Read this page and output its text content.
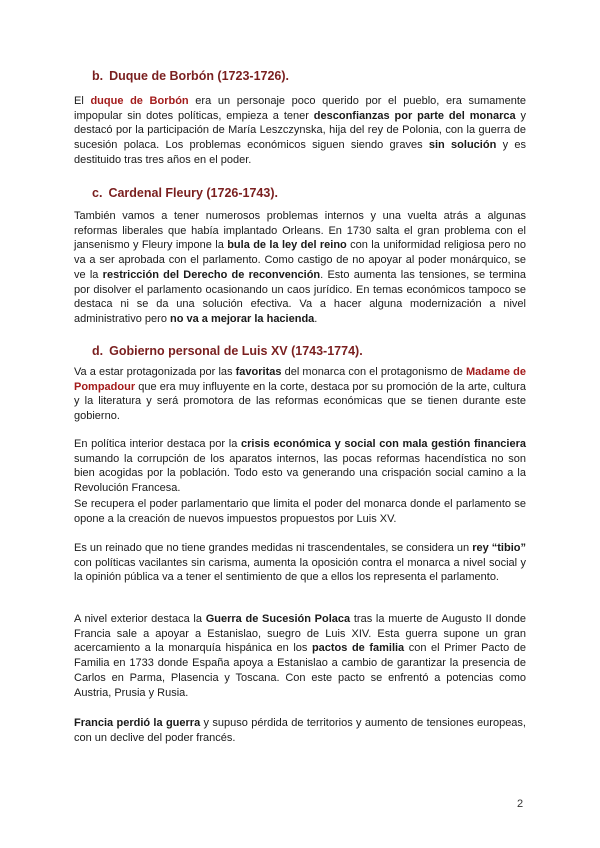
b. Duque de Borbón (1723-1726).
El duque de Borbón era un personaje poco querido por el pueblo, era sumamente impopular sin dotes políticas, empieza a tener desconfianzas por parte del monarca y destacó por la participación de María Leszczynska, hija del rey de Polonia, con la guerra de sucesión polaca. Los problemas económicos siguen siendo graves sin solución y es destituido tras tres años en el poder.
c. Cardenal Fleury (1726-1743).
También vamos a tener numerosos problemas internos y una vuelta atrás a algunas reformas liberales que había implantado Orleans. En 1730 salta el gran problema con el jansenismo y Fleury impone la bula de la ley del reino con la uniformidad religiosa pero no va a ser aprobada con el parlamento. Como castigo de no apoyar al poder monárquico, se ve la restricción del Derecho de reconvención. Esto aumenta las tensiones, se termina por disolver el parlamento ocasionando un caos jurídico. En temas económicos tampoco se destaca ni se da una solución efectiva. Va a hacer alguna modernización a nivel administrativo pero no va a mejorar la hacienda.
d. Gobierno personal de Luis XV (1743-1774).
Va a estar protagonizada por las favoritas del monarca con el protagonismo de Madame de Pompadour que era muy influyente en la corte, destaca por su promoción de la arte, cultura y la literatura y será promotora de las reformas económicas que se tienen durante este gobierno.
En política interior destaca por la crisis económica y social con mala gestión financiera sumando la corrupción de los aparatos internos, las pocas reformas hacendística no son bien acogidas por la población. Todo esto va generando una crispación social camino a la Revolución Francesa.
Se recupera el poder parlamentario que limita el poder del monarca donde el parlamento se opone a la creación de nuevos impuestos propuestos por Luis XV.
Es un reinado que no tiene grandes medidas ni trascendentales, se considera un rey “tibio” con políticas vacilantes sin carisma, aumenta la oposición contra el monarca a nivel social y la opinión pública va a tener el sentimiento de que a ellos los representa el parlamento.
A nivel exterior destaca la Guerra de Sucesión Polaca tras la muerte de Augusto II donde Francia sale a apoyar a Estanislao, suegro de Luis XIV. Esta guerra supone un gran acercamiento a la monarquía hispánica en los pactos de familia con el Primer Pacto de Familia en 1733 donde España apoya a Estanislao a cambio de garantizar la presencia de Carlos en Parma, Plasencia y Toscana. Con este pacto se enfrentó a potencias como Austria, Prusia y Rusia.
Francia perdió la guerra y supuso pérdida de territorios y aumento de tensiones europeas, con un declive del poder francés.
2
